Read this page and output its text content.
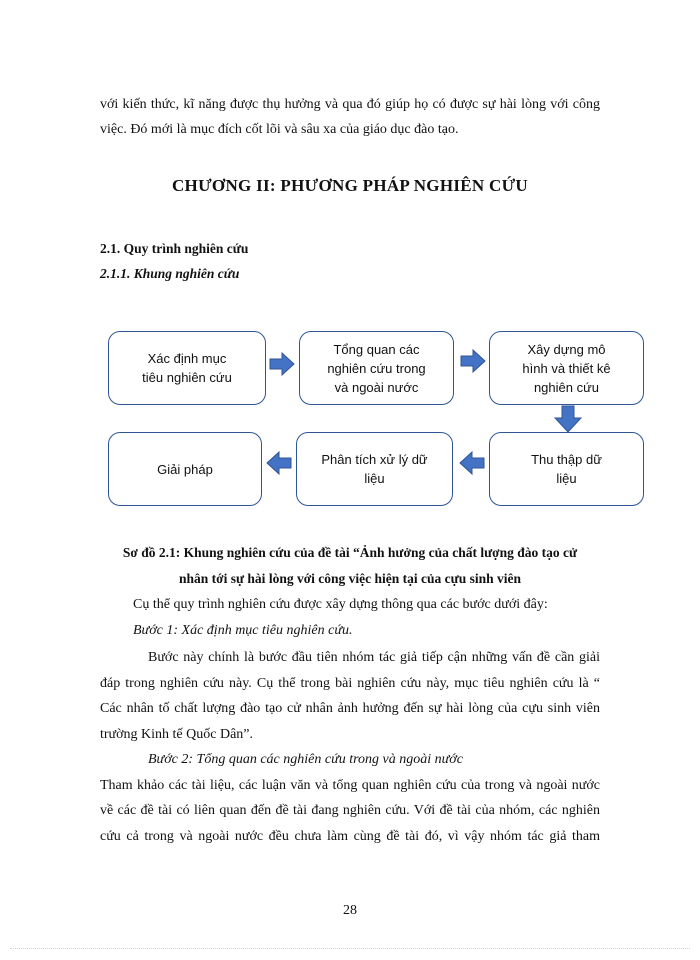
với kiến thức, kĩ năng được thụ hưởng và qua đó giúp họ có được sự hài lòng với công
việc. Đó mới là mục đích cốt lõi và sâu xa của giáo dục đào tạo.
CHƯƠNG II: PHƯƠNG PHÁP NGHIÊN CỨU
2.1. Quy trình nghiên cứu
2.1.1. Khung nghiên cứu
Xác định mục tiêu nghiên cứu
Tổng quan các nghiên cứu trong và ngoài nước
Xây dựng mô hình và thiết kê nghiên cứu
Thu thập dữ liệu
Phân tích xử lý dữ liệu
Giải pháp
Sơ đồ 2.1: Khung nghiên cứu của đề tài “Ảnh hưởng của chất lượng đào tạo cử
nhân tới sự hài lòng với công việc hiện tại của cựu sinh viên
Cụ thể quy trình nghiên cứu được xây dựng thông qua các bước dưới đây:
Bước 1: Xác định mục tiêu nghiên cứu.
Bước này chính là bước đầu tiên nhóm tác giả tiếp cận những vấn đề cần giải
đáp trong nghiên cứu này. Cụ thể trong bài nghiên cứu này, mục tiêu nghiên cứu là “
Các nhân tố chất lượng đào tạo cử nhân ảnh hưởng đến sự hài lòng của cựu sinh viên
trường Kinh tế Quốc Dân”.
Bước 2: Tổng quan các nghiên cứu trong và ngoài nước
Tham khảo các tài liệu, các luận văn và tổng quan nghiên cứu của trong và ngoài nước
về các đề tài có liên quan đến đề tài đang nghiên cứu. Với đề tài của nhóm, các nghiên
cứu cả trong và ngoài nước đều chưa làm cùng đề tài đó, vì vậy nhóm tác giả tham
28
